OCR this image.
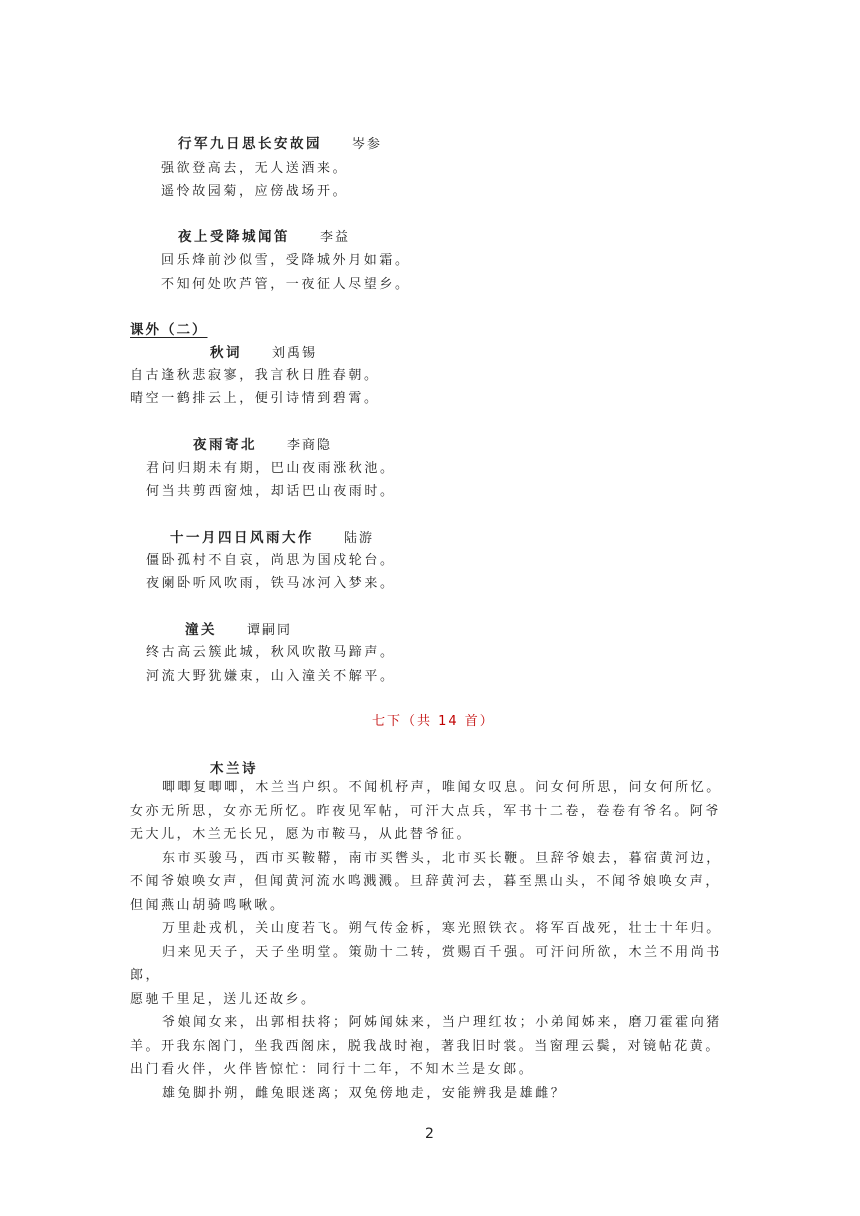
行军九日思长安故园 岑参
强欲登高去，无人送酒来。
遥怜故园菊，应傍战场开。
夜上受降城闻笛 李益
回乐烽前沙似雪，受降城外月如霜。
不知何处吹芦管，一夜征人尽望乡。
课外（二）
秋词 刘禹锡
自古逢秋悲寂寥，我言秋日胜春朝。
晴空一鹤排云上，便引诗情到碧霄。
夜雨寄北 李商隐
君问归期未有期，巴山夜雨涨秋池。
何当共剪西窗烛，却话巴山夜雨时。
十一月四日风雨大作 陆游
僵卧孤村不自哀，尚思为国戍轮台。
夜阑卧听风吹雨，铁马冰河入梦来。
潼关 谭嗣同
终古高云簇此城，秋风吹散马蹄声。
河流大野犹嫌束，山入潼关不解平。
七下（共 14 首）
木兰诗
唧唧复唧唧，木兰当户织。不闻机杼声，唯闻女叹息。问女何所思，问女何所忆。
女亦无所思，女亦无所忆。昨夜见军帖，可汗大点兵，军书十二卷，卷卷有爷名。阿爷
无大儿，木兰无长兄，愿为市鞍马，从此替爷征。
东市买骏马，西市买鞍鞯，南市买辔头，北市买长鞭。旦辞爷娘去，暮宿黄河边，
不闻爷娘唤女声，但闻黄河流水鸣溅溅。旦辞黄河去，暮至黑山头，不闻爷娘唤女声，
但闻燕山胡骑鸣啾啾。
万里赴戎机，关山度若飞。朔气传金柝，寒光照铁衣。将军百战死，壮士十年归。
归来见天子，天子坐明堂。策勋十二转，赏赐百千强。可汗问所欲，木兰不用尚书
郎，
愿驰千里足，送儿还故乡。
爷娘闻女来，出郭相扶将；阿姊闻妹来，当户理红妆；小弟闻姊来，磨刀霍霍向猪
羊。开我东阁门，坐我西阁床，脱我战时袍，著我旧时裳。当窗理云鬓，对镜帖花黄。
出门看火伴，火伴皆惊忙：同行十二年，不知木兰是女郎。
雄兔脚扑朔，雌兔眼迷离；双兔傍地走，安能辨我是雄雌？
2
